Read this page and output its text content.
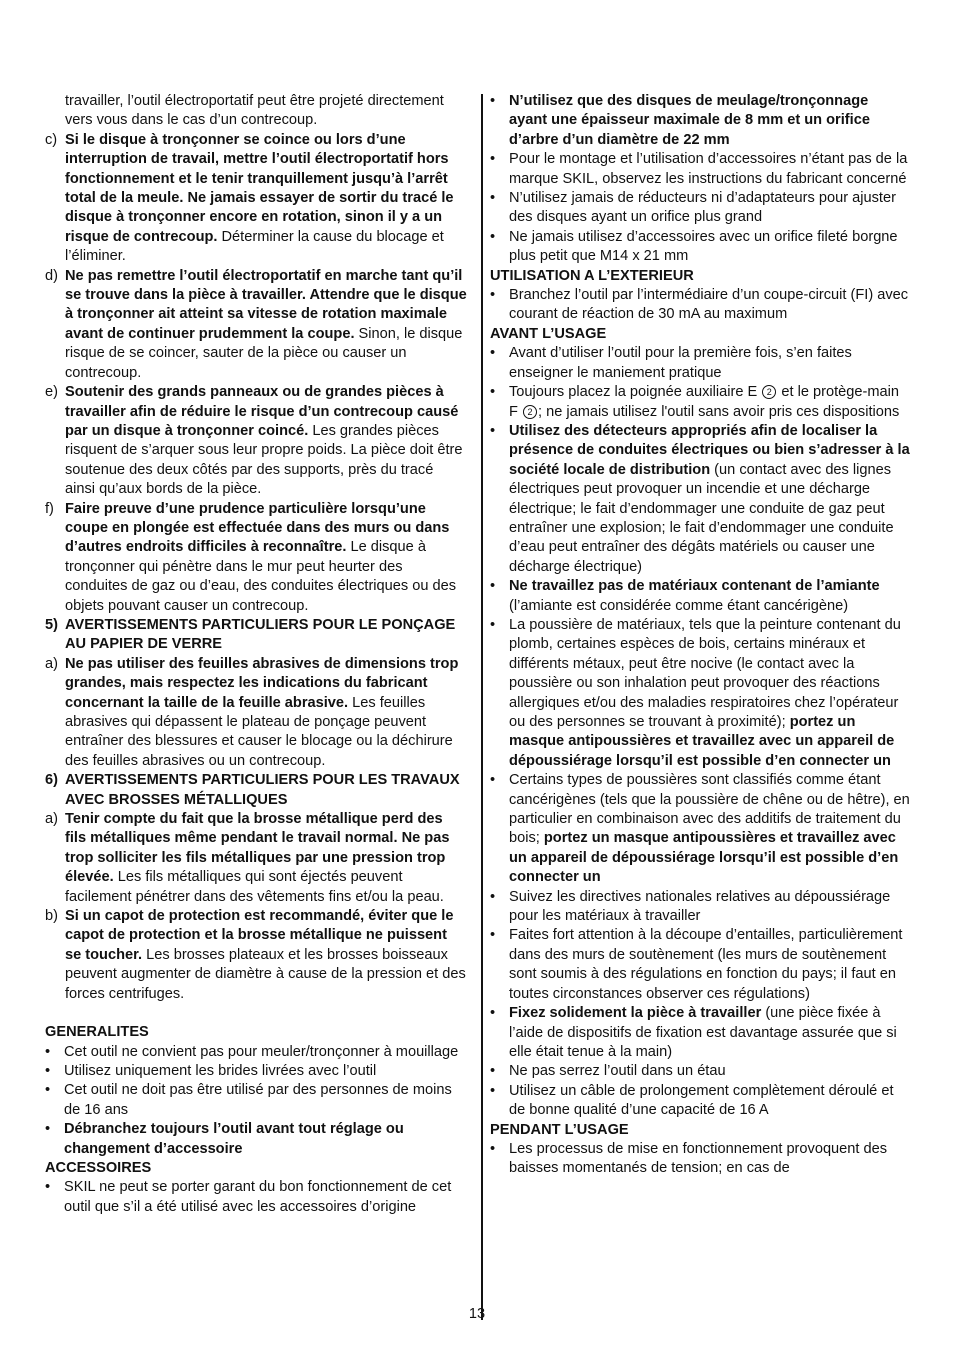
travailler, l’outil électroportatif peut être projeté directement vers vous dans le cas d’un contrecoup.
c) Si le disque à tronçonner se coince ou lors d’une interruption de travail, mettre l’outil électroportatif hors fonctionnement et le tenir tranquillement jusqu’à l’arrêt total de la meule. Ne jamais essayer de sortir du tracé le disque à tronçonner encore en rotation, sinon il y a un risque de contrecoup. Déterminer la cause du blocage et l’éliminer.
d) Ne pas remettre l’outil électroportatif en marche tant qu’il se trouve dans la pièce à travailler. Attendre que le disque à tronçonner ait atteint sa vitesse de rotation maximale avant de continuer prudemment la coupe. Sinon, le disque risque de se coincer, sauter de la pièce ou causer un contrecoup.
e) Soutenir des grands panneaux ou de grandes pièces à travailler afin de réduire le risque d’un contrecoup causé par un disque à tronçonner coincé. Les grandes pièces risquent de s’arquer sous leur propre poids. La pièce doit être soutenue des deux côtés par des supports, près du tracé ainsi qu’aux bords de la pièce.
f) Faire preuve d’une prudence particulière lorsqu’une coupe en plongée est effectuée dans des murs ou dans d’autres endroits difficiles à reconnaître. Le disque à tronçonner qui pénètre dans le mur peut heurter des conduites de gaz ou d’eau, des conduites électriques ou des objets pouvant causer un contrecoup.
5) AVERTISSEMENTS PARTICULIERS POUR LE PONÇAGE AU PAPIER DE VERRE
a) Ne pas utiliser des feuilles abrasives de dimensions trop grandes, mais respectez les indications du fabricant concernant la taille de la feuille abrasive. Les feuilles abrasives qui dépassent le plateau de ponçage peuvent entraîner des blessures et causer le blocage ou la déchirure des feuilles abrasives ou un contrecoup.
6) AVERTISSEMENTS PARTICULIERS POUR LES TRAVAUX AVEC BROSSES MÉTALLIQUES
a) Tenir compte du fait que la brosse métallique perd des fils métalliques même pendant le travail normal. Ne pas trop solliciter les fils métalliques par une pression trop élevée. Les fils métalliques qui sont éjectés peuvent facilement pénétrer dans des vêtements fins et/ou la peau.
b) Si un capot de protection est recommandé, éviter que le capot de protection et la brosse métallique ne puissent se toucher. Les brosses plateaux et les brosses boisseaux peuvent augmenter de diamètre à cause de la pression et des forces centrifuges.
GENERALITES
• Cet outil ne convient pas pour meuler/tronçonner à mouillage
• Utilisez uniquement les brides livrées avec l’outil
• Cet outil ne doit pas être utilisé par des personnes de moins de 16 ans
• Débranchez toujours l’outil avant tout réglage ou changement d’accessoire
ACCESSOIRES
• SKIL ne peut se porter garant du bon fonctionnement de cet outil que s’il a été utilisé avec les accessoires d’origine
• N’utilisez que des disques de meulage/tronçonnage ayant une épaisseur maximale de 8 mm et un orifice d’arbre d’un diamètre de 22 mm
• Pour le montage et l’utilisation d’accessoires n’étant pas de la marque SKIL, observez les instructions du fabricant concerné
• N’utilisez jamais de réducteurs ni d’adaptateurs pour ajuster des disques ayant un orifice plus grand
• Ne jamais utilisez d’accessoires avec un orifice fileté borgne plus petit que M14 x 21 mm
UTILISATION A L’EXTERIEUR
• Branchez l’outil par l’intermédiaire d’un coupe-circuit (FI) avec courant de réaction de 30 mA au maximum
AVANT L’USAGE
• Avant d’utiliser l’outil pour la première fois, s’en faites enseigner le maniement pratique
• Toujours placez la poignée auxiliaire E 2 et le protège-main F 2 ; ne jamais utilisez l'outil sans avoir pris ces dispositions
• Utilisez des détecteurs appropriés afin de localiser la présence de conduites électriques ou bien s’adresser à la société locale de distribution (un contact avec des lignes électriques peut provoquer un incendie et une décharge électrique; le fait d’endommager une conduite de gaz peut entraîner une explosion; le fait d’endommager une conduite d’eau peut entraîner des dégâts matériels ou causer une décharge électrique)
• Ne travaillez pas de matériaux contenant de l’amiante (l’amiante est considérée comme étant cancérigène)
• La poussière de matériaux, tels que la peinture contenant du plomb, certaines espèces de bois, certains minéraux et différents métaux, peut être nocive (le contact avec la poussière ou son inhalation peut provoquer des réactions allergiques et/ou des maladies respiratoires chez l’opérateur ou des personnes se trouvant à proximité); portez un masque antipoussières et travaillez avec un appareil de dépoussiérage lorsqu’il est possible d’en connecter un
• Certains types de poussières sont classifiés comme étant cancérigènes (tels que la poussière de chêne ou de hêtre), en particulier en combinaison avec des additifs de traitement du bois; portez un masque antipoussières et travaillez avec un appareil de dépoussiérage lorsqu’il est possible d’en connecter un
• Suivez les directives nationales relatives au dépoussiérage pour les matériaux à travailler
• Faites fort attention à la découpe d’entailles, particulièrement dans des murs de soutènement (les murs de soutènement sont soumis à des régulations en fonction du pays; il faut en toutes circonstances observer ces régulations)
• Fixez solidement la pièce à travailler (une pièce fixée à l’aide de dispositifs de fixation est davantage assurée que si elle était tenue à la main)
• Ne pas serrez l’outil dans un étau
• Utilisez un câble de prolongement complètement déroulé et de bonne qualité d’une capacité de 16 A
PENDANT L’USAGE
• Les processus de mise en fonctionnement provoquent des baisses momentanés de tension; en cas de
13
